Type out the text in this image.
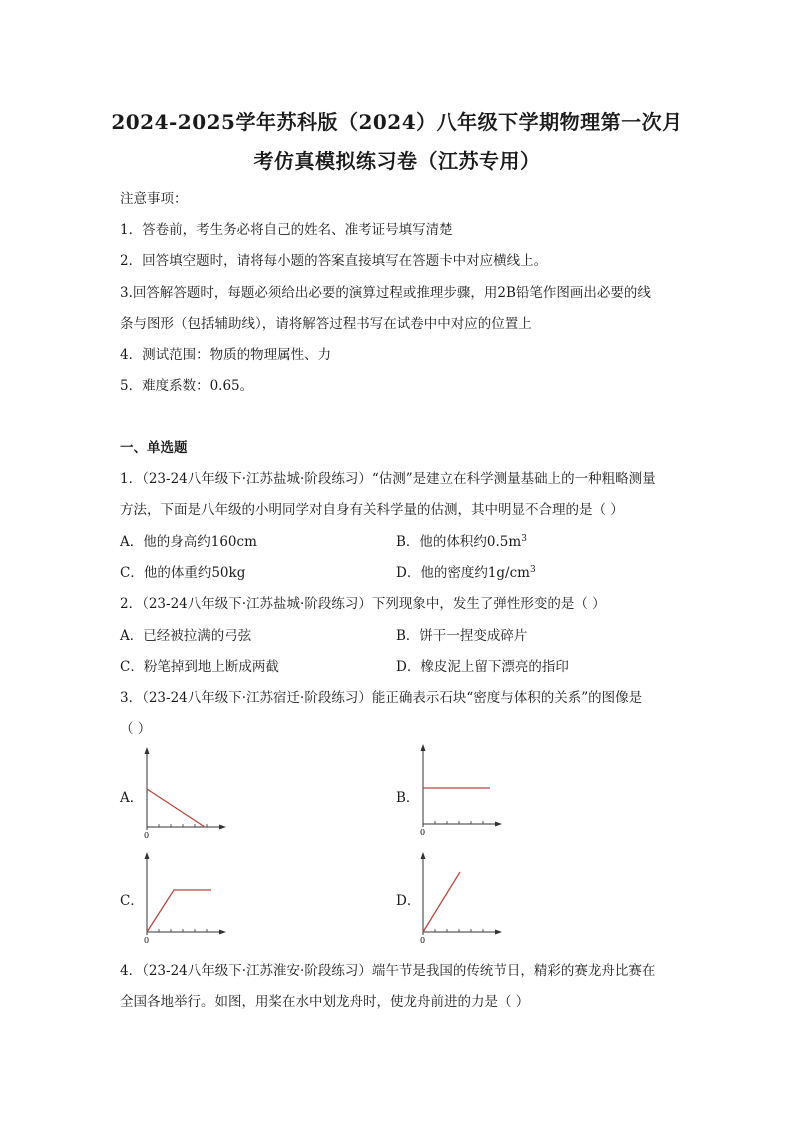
2024-2025学年苏科版（2024）八年级下学期物理第一次月
考仿真模拟练习卷（江苏专用）
注意事项：
1．答卷前，考生务必将自己的姓名、准考证号填写清楚
2．回答填空题时，请将每小题的答案直接填写在答题卡中对应横线上。
3.回答解答题时，每题必须给出必要的演算过程或推理步骤，用2B铅笔作图画出必要的线
条与图形（包括辅助线），请将解答过程书写在试卷中中对应的位置上
4．测试范围：物质的物理属性、力
5．难度系数：0.65。
一、单选题
1．（23-24八年级下·江苏盐城·阶段练习）“估测”是建立在科学测量基础上的一种粗略测量
方法，下面是八年级的小明同学对自身有关科学量的估测，其中明显不合理的是（ ）
A．他的身高约160cm	B．他的体积约$0.5m^3$
C．他的体重约50kg	D．他的密度约$1g/cm^3$
2．（23-24八年级下·江苏盐城·阶段练习）下列现象中，发生了弹性形变的是（ ）
A．已经被拉满的弓弦	B．饼干一捏变成碎片
C．粉笔掉到地上断成两截	D．橡皮泥上留下漂亮的指印
3．（23-24八年级下·江苏宿迁·阶段练习）能正确表示石块“密度与体积的关系”的图像是
（ ）
A．
0
B．
0
C．
0
D．
0
4．（23-24八年级下·江苏淮安·阶段练习）端午节是我国的传统节日，精彩的赛龙舟比赛在
全国各地举行。如图，用桨在水中划龙舟时，使龙舟前进的力是（ ）
